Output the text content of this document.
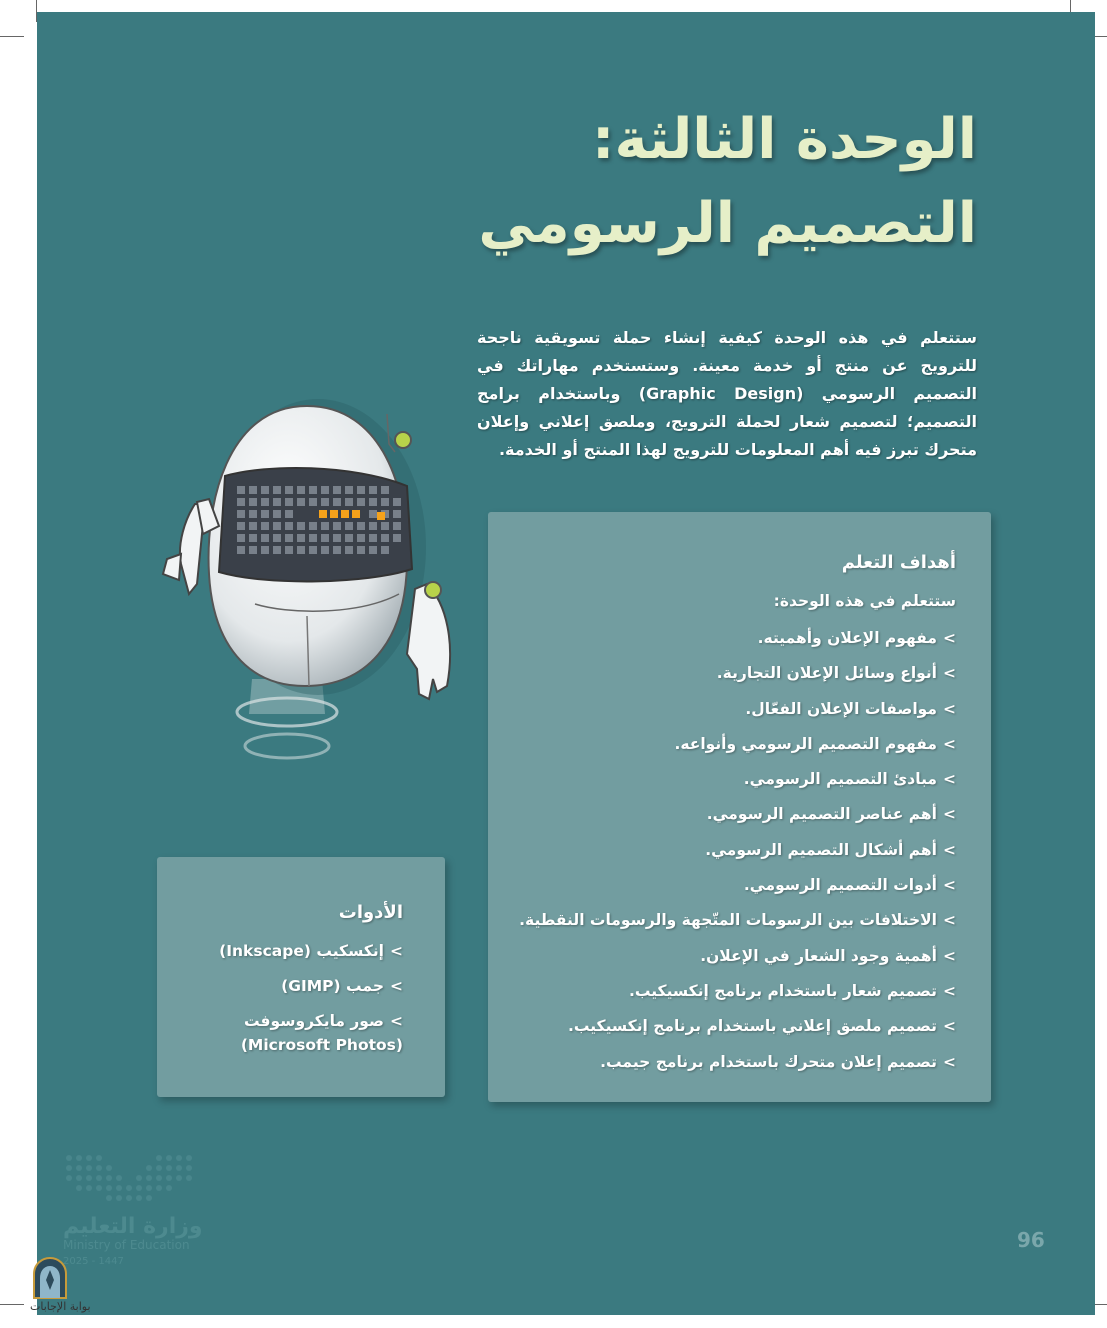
الوحدة الثالثة:
التصميم الرسومي
ستتعلم في هذه الوحدة كيفية إنشاء حملة تسويقية ناجحة للترويج عن منتج أو خدمة معينة. وستستخدم مهاراتك في التصميم الرسومي (Graphic Design) وباستخدام برامج التصميم؛ لتصميم شعار لحملة الترويج، وملصق إعلاني وإعلان متحرك تبرز فيه أهم المعلومات للترويج لهذا المنتج أو الخدمة.
أهداف التعلم
ستتعلم في هذه الوحدة:
>مفهوم الإعلان وأهميته.
>أنواع وسائل الإعلان التجارية.
>مواصفات الإعلان الفعّال.
>مفهوم التصميم الرسومي وأنواعه.
>مبادئ التصميم الرسومي.
>أهم عناصر التصميم الرسومي.
>أهم أشكال التصميم الرسومي.
>أدوات التصميم الرسومي.
>الاختلافات بين الرسومات المتّجهة والرسومات النقطية.
>أهمية وجود الشعار في الإعلان.
>تصميم شعار باستخدام برنامج إنكسيكيب.
>تصميم ملصق إعلاني باستخدام برنامج إنكسيكيب.
>تصميم إعلان متحرك باستخدام برنامج جيمب.
الأدوات
>إنكسكيب (Inkscape)
>جمب (GIMP)
>صور مايكروسوفت
(Microsoft Photos)
وزارة التعليم
Ministry of Education
2025 - 1447
96
بوابة الإجابات
